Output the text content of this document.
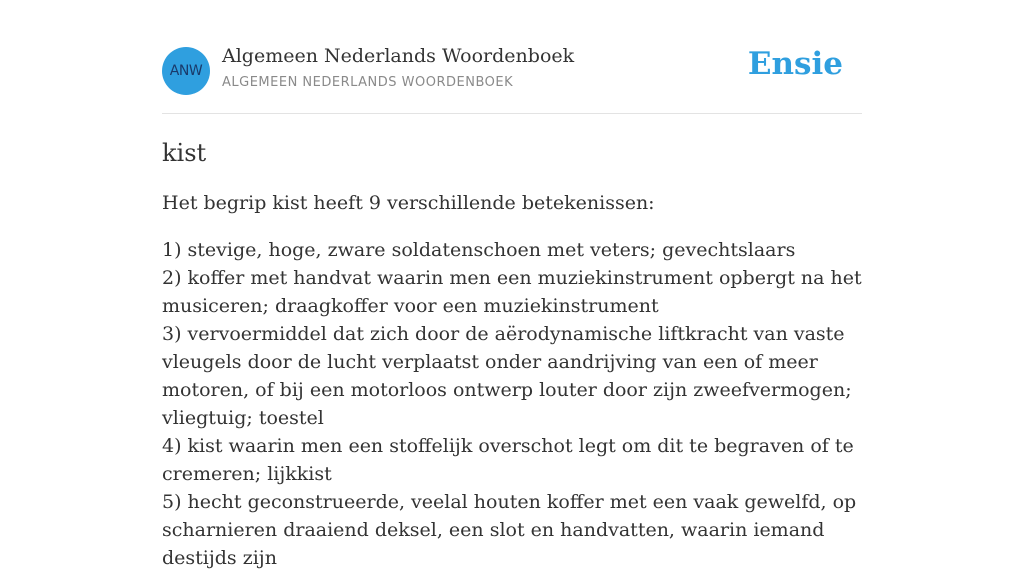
ANW
Algemeen Nederlands Woordenboek
ALGEMEEN NEDERLANDS WOORDENBOEK
Ensie
kist

Het begrip kist heeft 9 verschillende betekenissen:

1) stevige, hoge, zware soldatenschoen met veters; gevechtslaars
2) koffer met handvat waarin men een muziekinstrument opbergt na het musiceren; draagkoffer voor een muziekinstrument
3) vervoermiddel dat zich door de aërodynamische liftkracht van vaste vleugels door de lucht verplaatst onder aandrijving van een of meer motoren, of bij een motorloos ontwerp louter door zijn zweefvermogen; vliegtuig; toestel
4) kist waarin men een stoffelijk overschot legt om dit te begraven of te cremeren; lijkkist
5) hecht geconstrueerde, veelal houten koffer met een vaak gewelfd, op scharnieren draaiend deksel, een slot en handvatten, waarin iemand destijds zijn
